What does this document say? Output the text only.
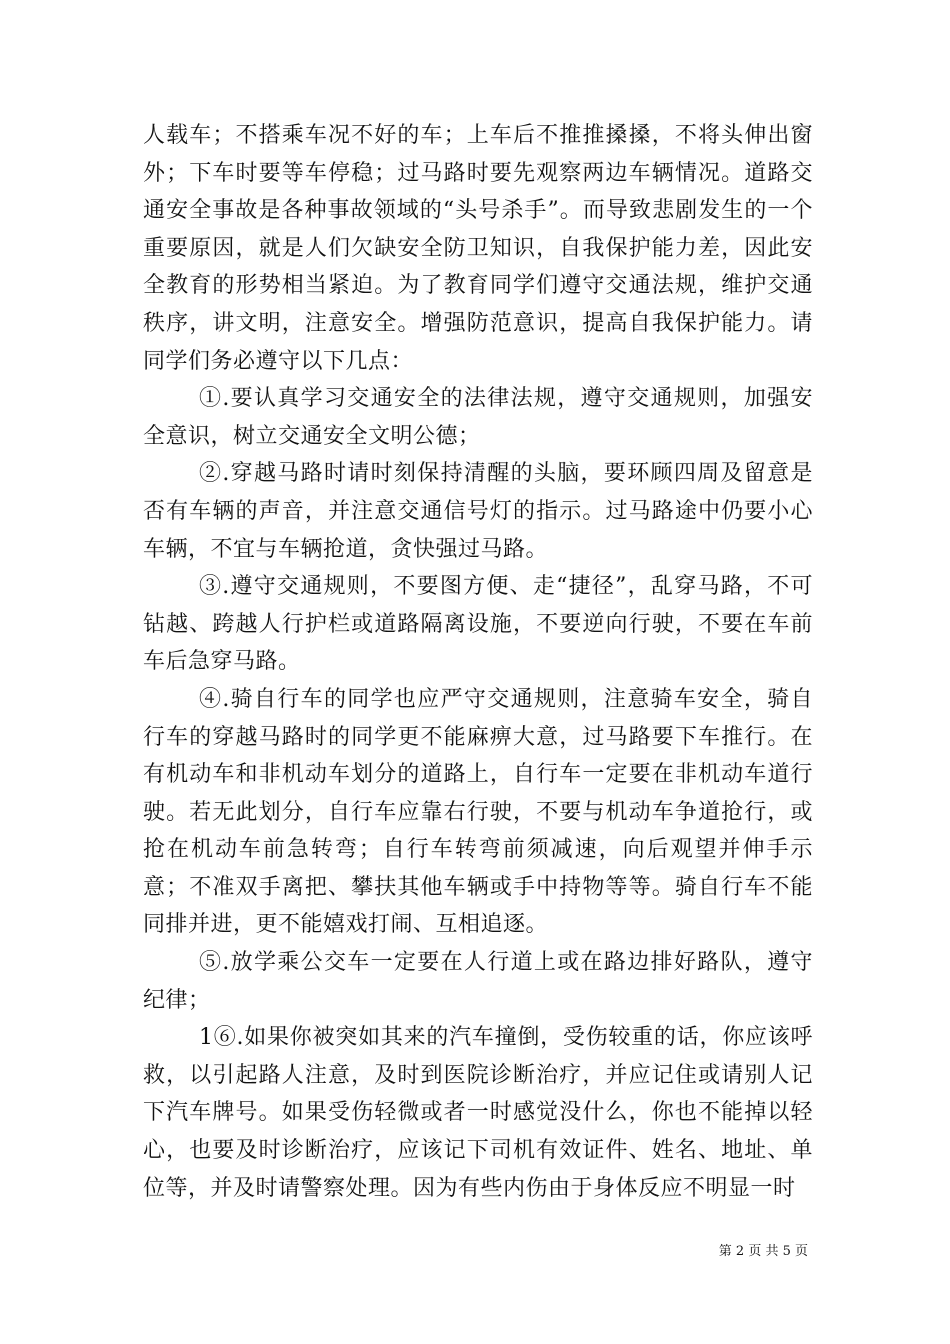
人载车；不搭乘车况不好的车；上车后不推推搡搡，不将头伸出窗外；下车时要等车停稳；过马路时要先观察两边车辆情况。道路交通安全事故是各种事故领域的“头号杀手”。而导致悲剧发生的一个重要原因，就是人们欠缺安全防卫知识，自我保护能力差，因此安全教育的形势相当紧迫。为了教育同学们遵守交通法规，维护交通秩序，讲文明，注意安全。增强防范意识，提高自我保护能力。请同学们务必遵守以下几点：

①.要认真学习交通安全的法律法规，遵守交通规则，加强安全意识，树立交通安全文明公德；

②.穿越马路时请时刻保持清醒的头脑，要环顾四周及留意是否有车辆的声音，并注意交通信号灯的指示。过马路途中仍要小心车辆，不宜与车辆抢道，贪快强过马路。

③.遵守交通规则，不要图方便、走“捷径”，乱穿马路，不可钻越、跨越人行护栏或道路隔离设施，不要逆向行驶，不要在车前车后急穿马路。

④.骑自行车的同学也应严守交通规则，注意骑车安全，骑自行车的穿越马路时的同学更不能麻痹大意，过马路要下车推行。在有机动车和非机动车划分的道路上，自行车一定要在非机动车道行驶。若无此划分，自行车应靠右行驶，不要与机动车争道抢行，或抢在机动车前急转弯；自行车转弯前须减速，向后观望并伸手示意；不准双手离把、攀扶其他车辆或手中持物等等。骑自行车不能同排并进，更不能嬉戏打闹、互相追逐。

⑤.放学乘公交车一定要在人行道上或在路边排好路队，遵守纪律；

1⑥.如果你被突如其来的汽车撞倒，受伤较重的话，你应该呼救，以引起路人注意，及时到医院诊断治疗，并应记住或请别人记下汽车牌号。如果受伤轻微或者一时感觉没什么，你也不能掉以轻心，也要及时诊断治疗，应该记下司机有效证件、姓名、地址、单位等，并及时请警察处理。因为有些内伤由于身体反应不明显一时

第 2 页 共 5 页
